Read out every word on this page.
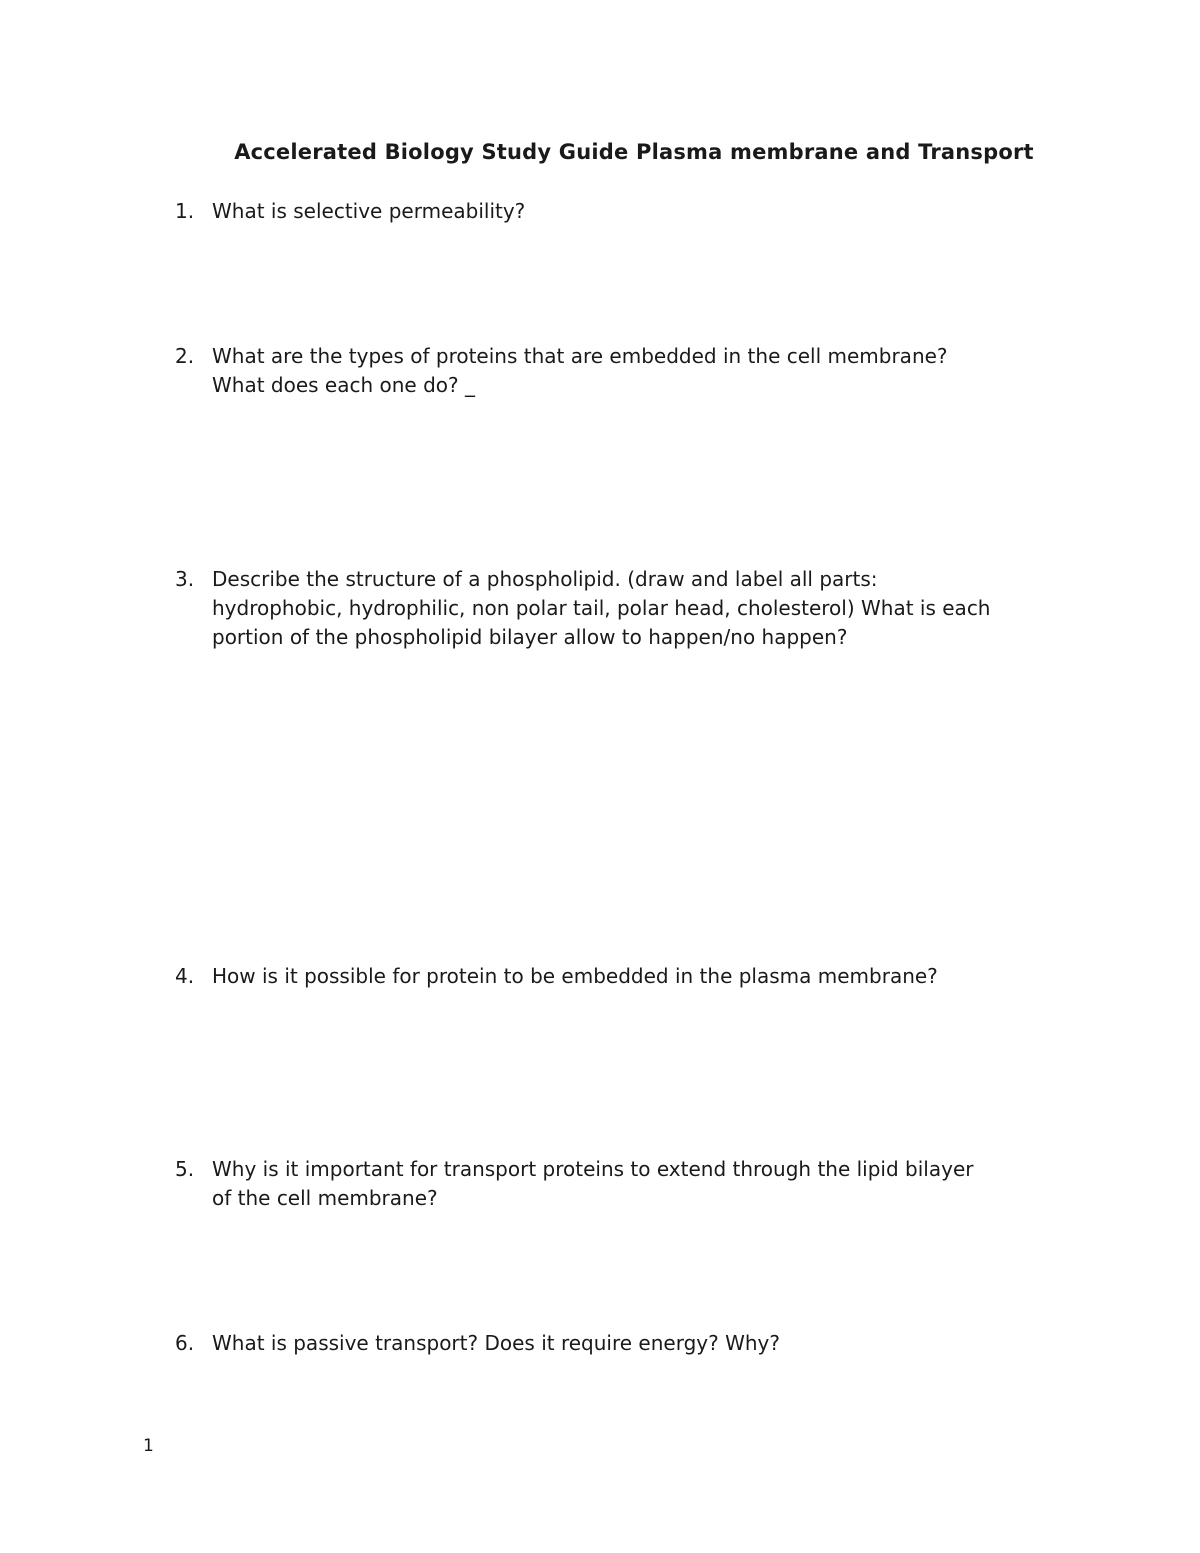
Accelerated Biology Study Guide Plasma membrane and Transport
1. What is selective permeability?
2. What are the types of proteins that are embedded in the cell membrane?
What does each one do? _
3. Describe the structure of a phospholipid. (draw and label all parts:
hydrophobic, hydrophilic, non polar tail, polar head, cholesterol) What is each
portion of the phospholipid bilayer allow to happen/no happen?
4. How is it possible for protein to be embedded in the plasma membrane?
5. Why is it important for transport proteins to extend through the lipid bilayer
of the cell membrane?
6. What is passive transport? Does it require energy? Why?
1
